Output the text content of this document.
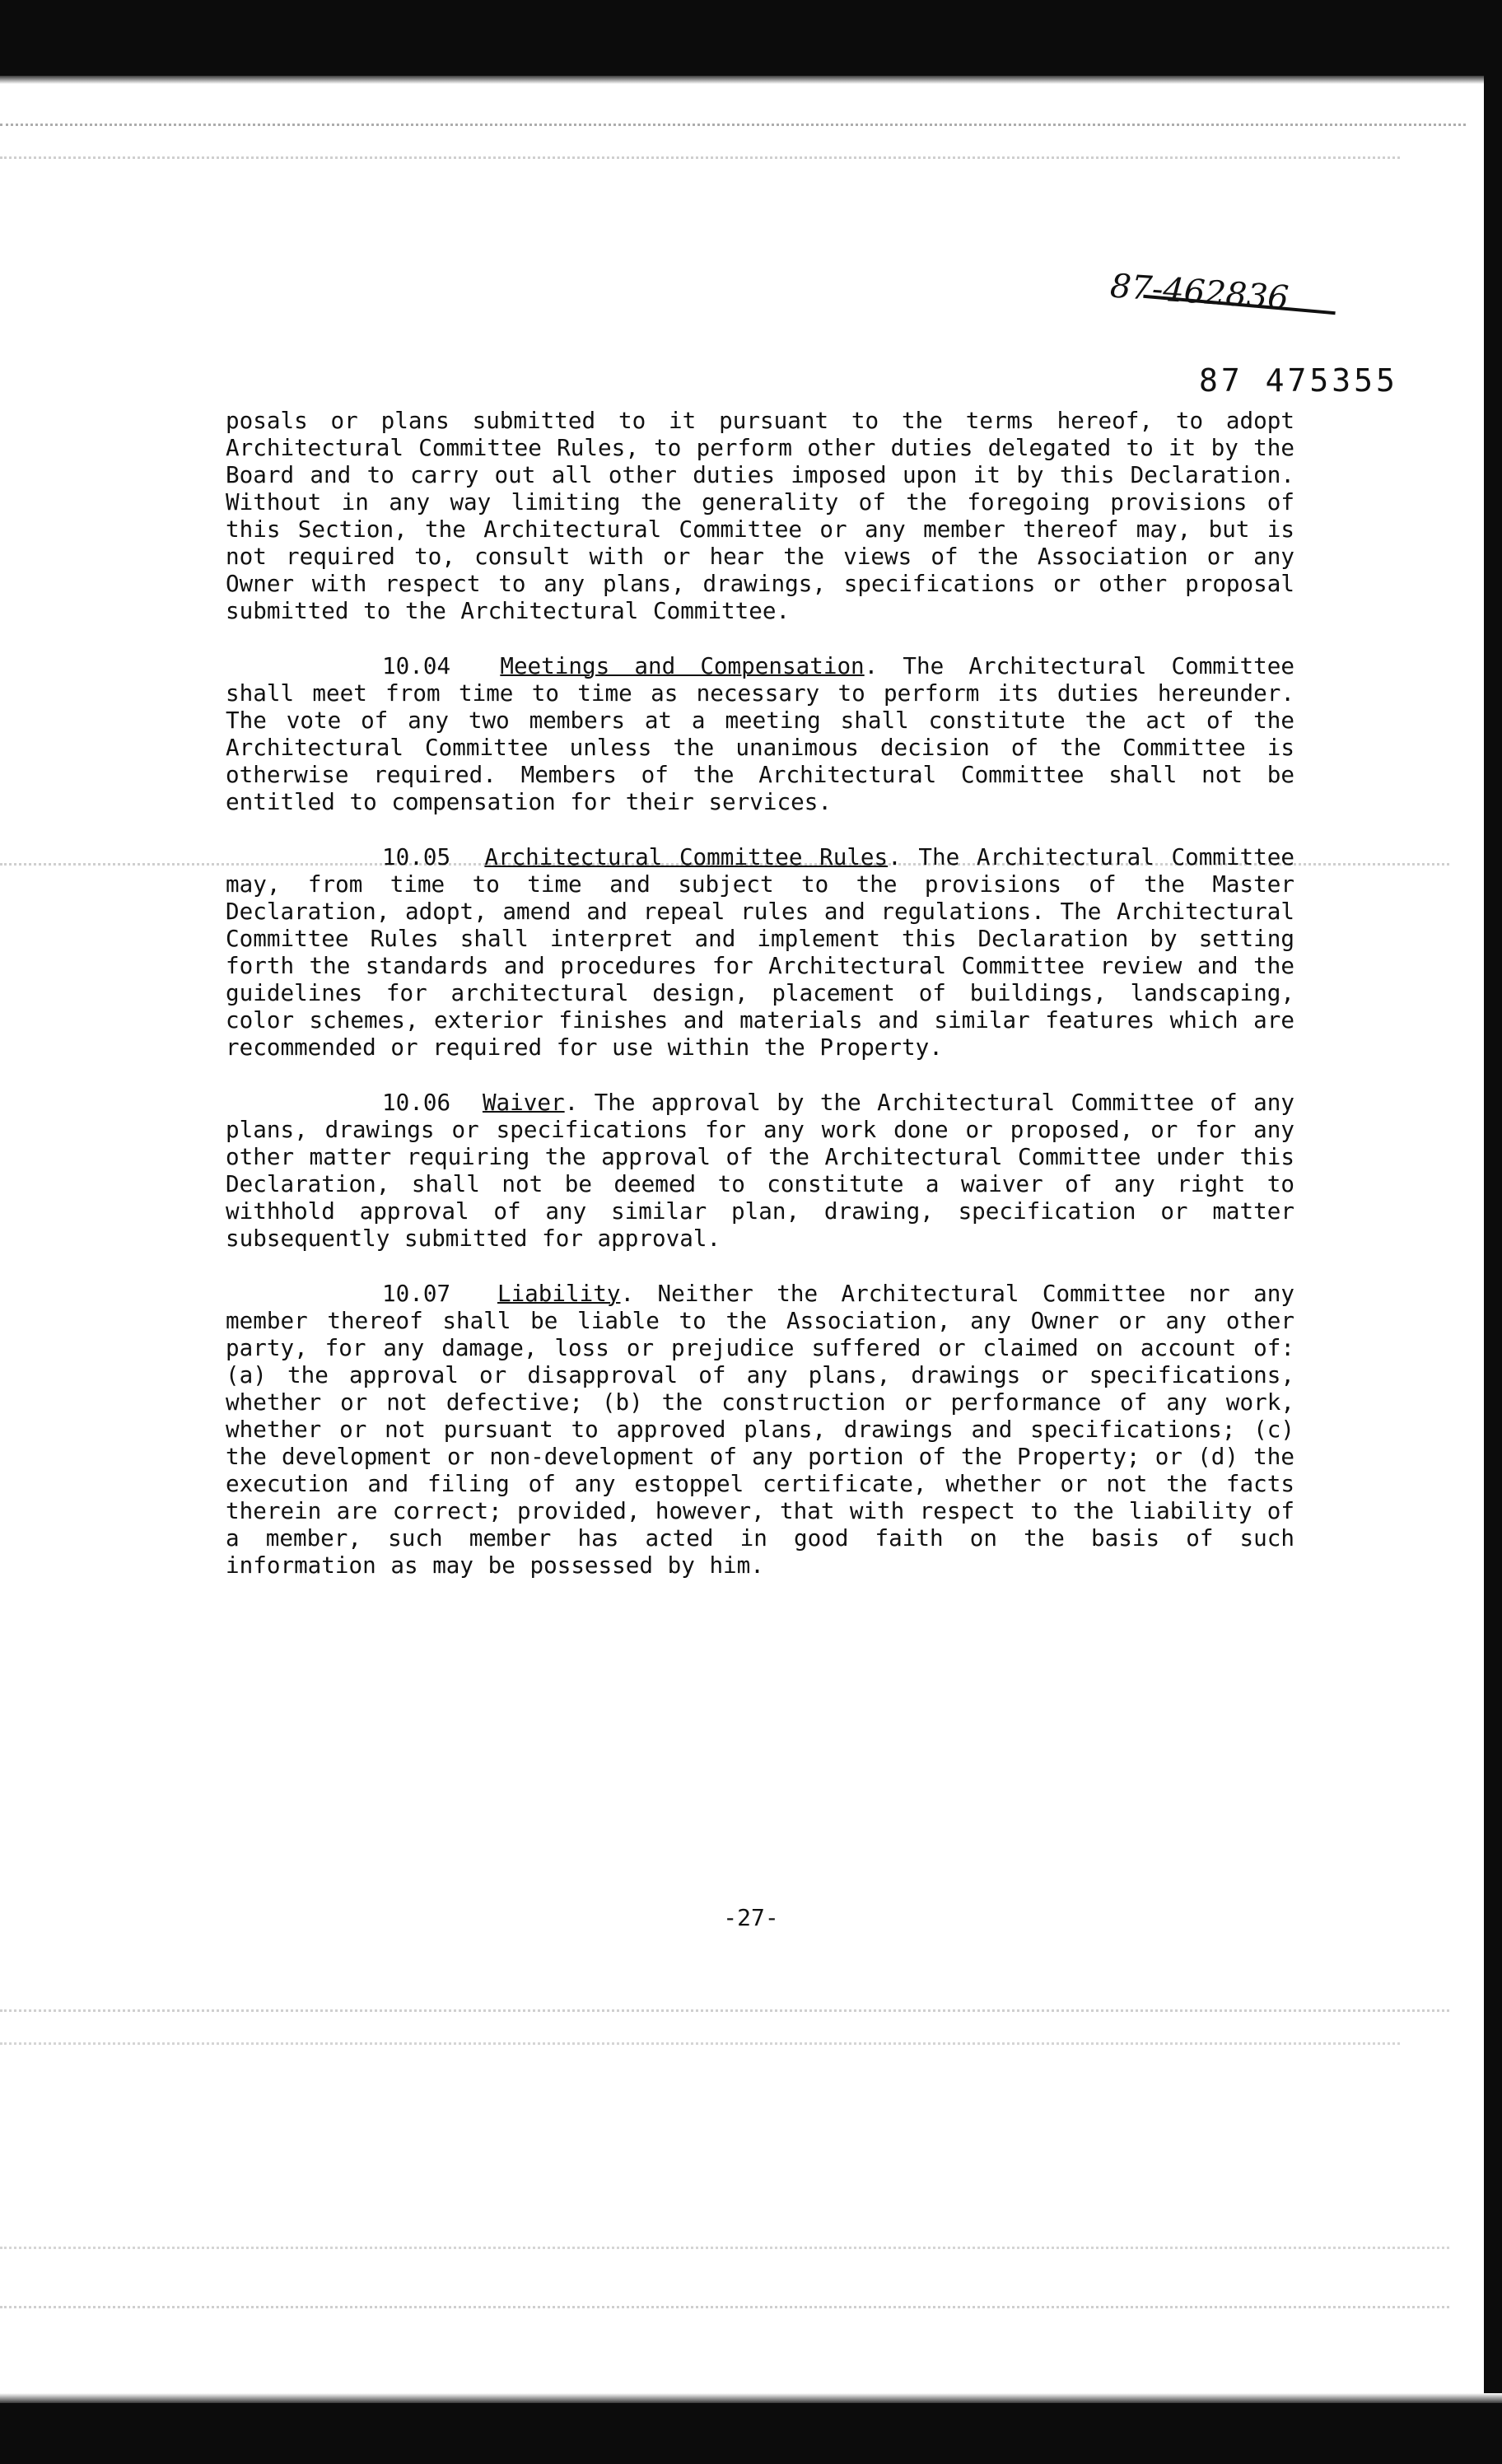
87-462836

87 475355

posals or plans submitted to it pursuant to the terms hereof, to adopt Architectural Committee Rules, to perform other duties delegated to it by the Board and to carry out all other duties imposed upon it by this Declaration. Without in any way limiting the generality of the foregoing provisions of this Section, the Architectural Committee or any member thereof may, but is not required to, consult with or hear the views of the Association or any Owner with respect to any plans, drawings, specifications or other proposal submitted to the Architectural Committee.

10.04 Meetings and Compensation. The Architectural Committee shall meet from time to time as necessary to perform its duties hereunder. The vote of any two members at a meeting shall constitute the act of the Architectural Committee unless the unanimous decision of the Committee is otherwise required. Members of the Architectural Committee shall not be entitled to compensation for their services.

10.05 Architectural Committee Rules. The Architectural Committee may, from time to time and subject to the provisions of the Master Declaration, adopt, amend and repeal rules and regulations. The Architectural Committee Rules shall interpret and implement this Declaration by setting forth the standards and procedures for Architectural Committee review and the guidelines for architectural design, placement of buildings, landscaping, color schemes, exterior finishes and materials and similar features which are recommended or required for use within the Property.

10.06 Waiver. The approval by the Architectural Committee of any plans, drawings or specifications for any work done or proposed, or for any other matter requiring the approval of the Architectural Committee under this Declaration, shall not be deemed to constitute a waiver of any right to withhold approval of any similar plan, drawing, specification or matter subsequently submitted for approval.

10.07 Liability. Neither the Architectural Committee nor any member thereof shall be liable to the Association, any Owner or any other party, for any damage, loss or prejudice suffered or claimed on account of: (a) the approval or disapproval of any plans, drawings or specifications, whether or not defective; (b) the construction or performance of any work, whether or not pursuant to approved plans, drawings and specifications; (c) the development or non-development of any portion of the Property; or (d) the execution and filing of any estoppel certificate, whether or not the facts therein are correct; provided, however, that with respect to the liability of a member, such member has acted in good faith on the basis of such information as may be possessed by him.

-27-
